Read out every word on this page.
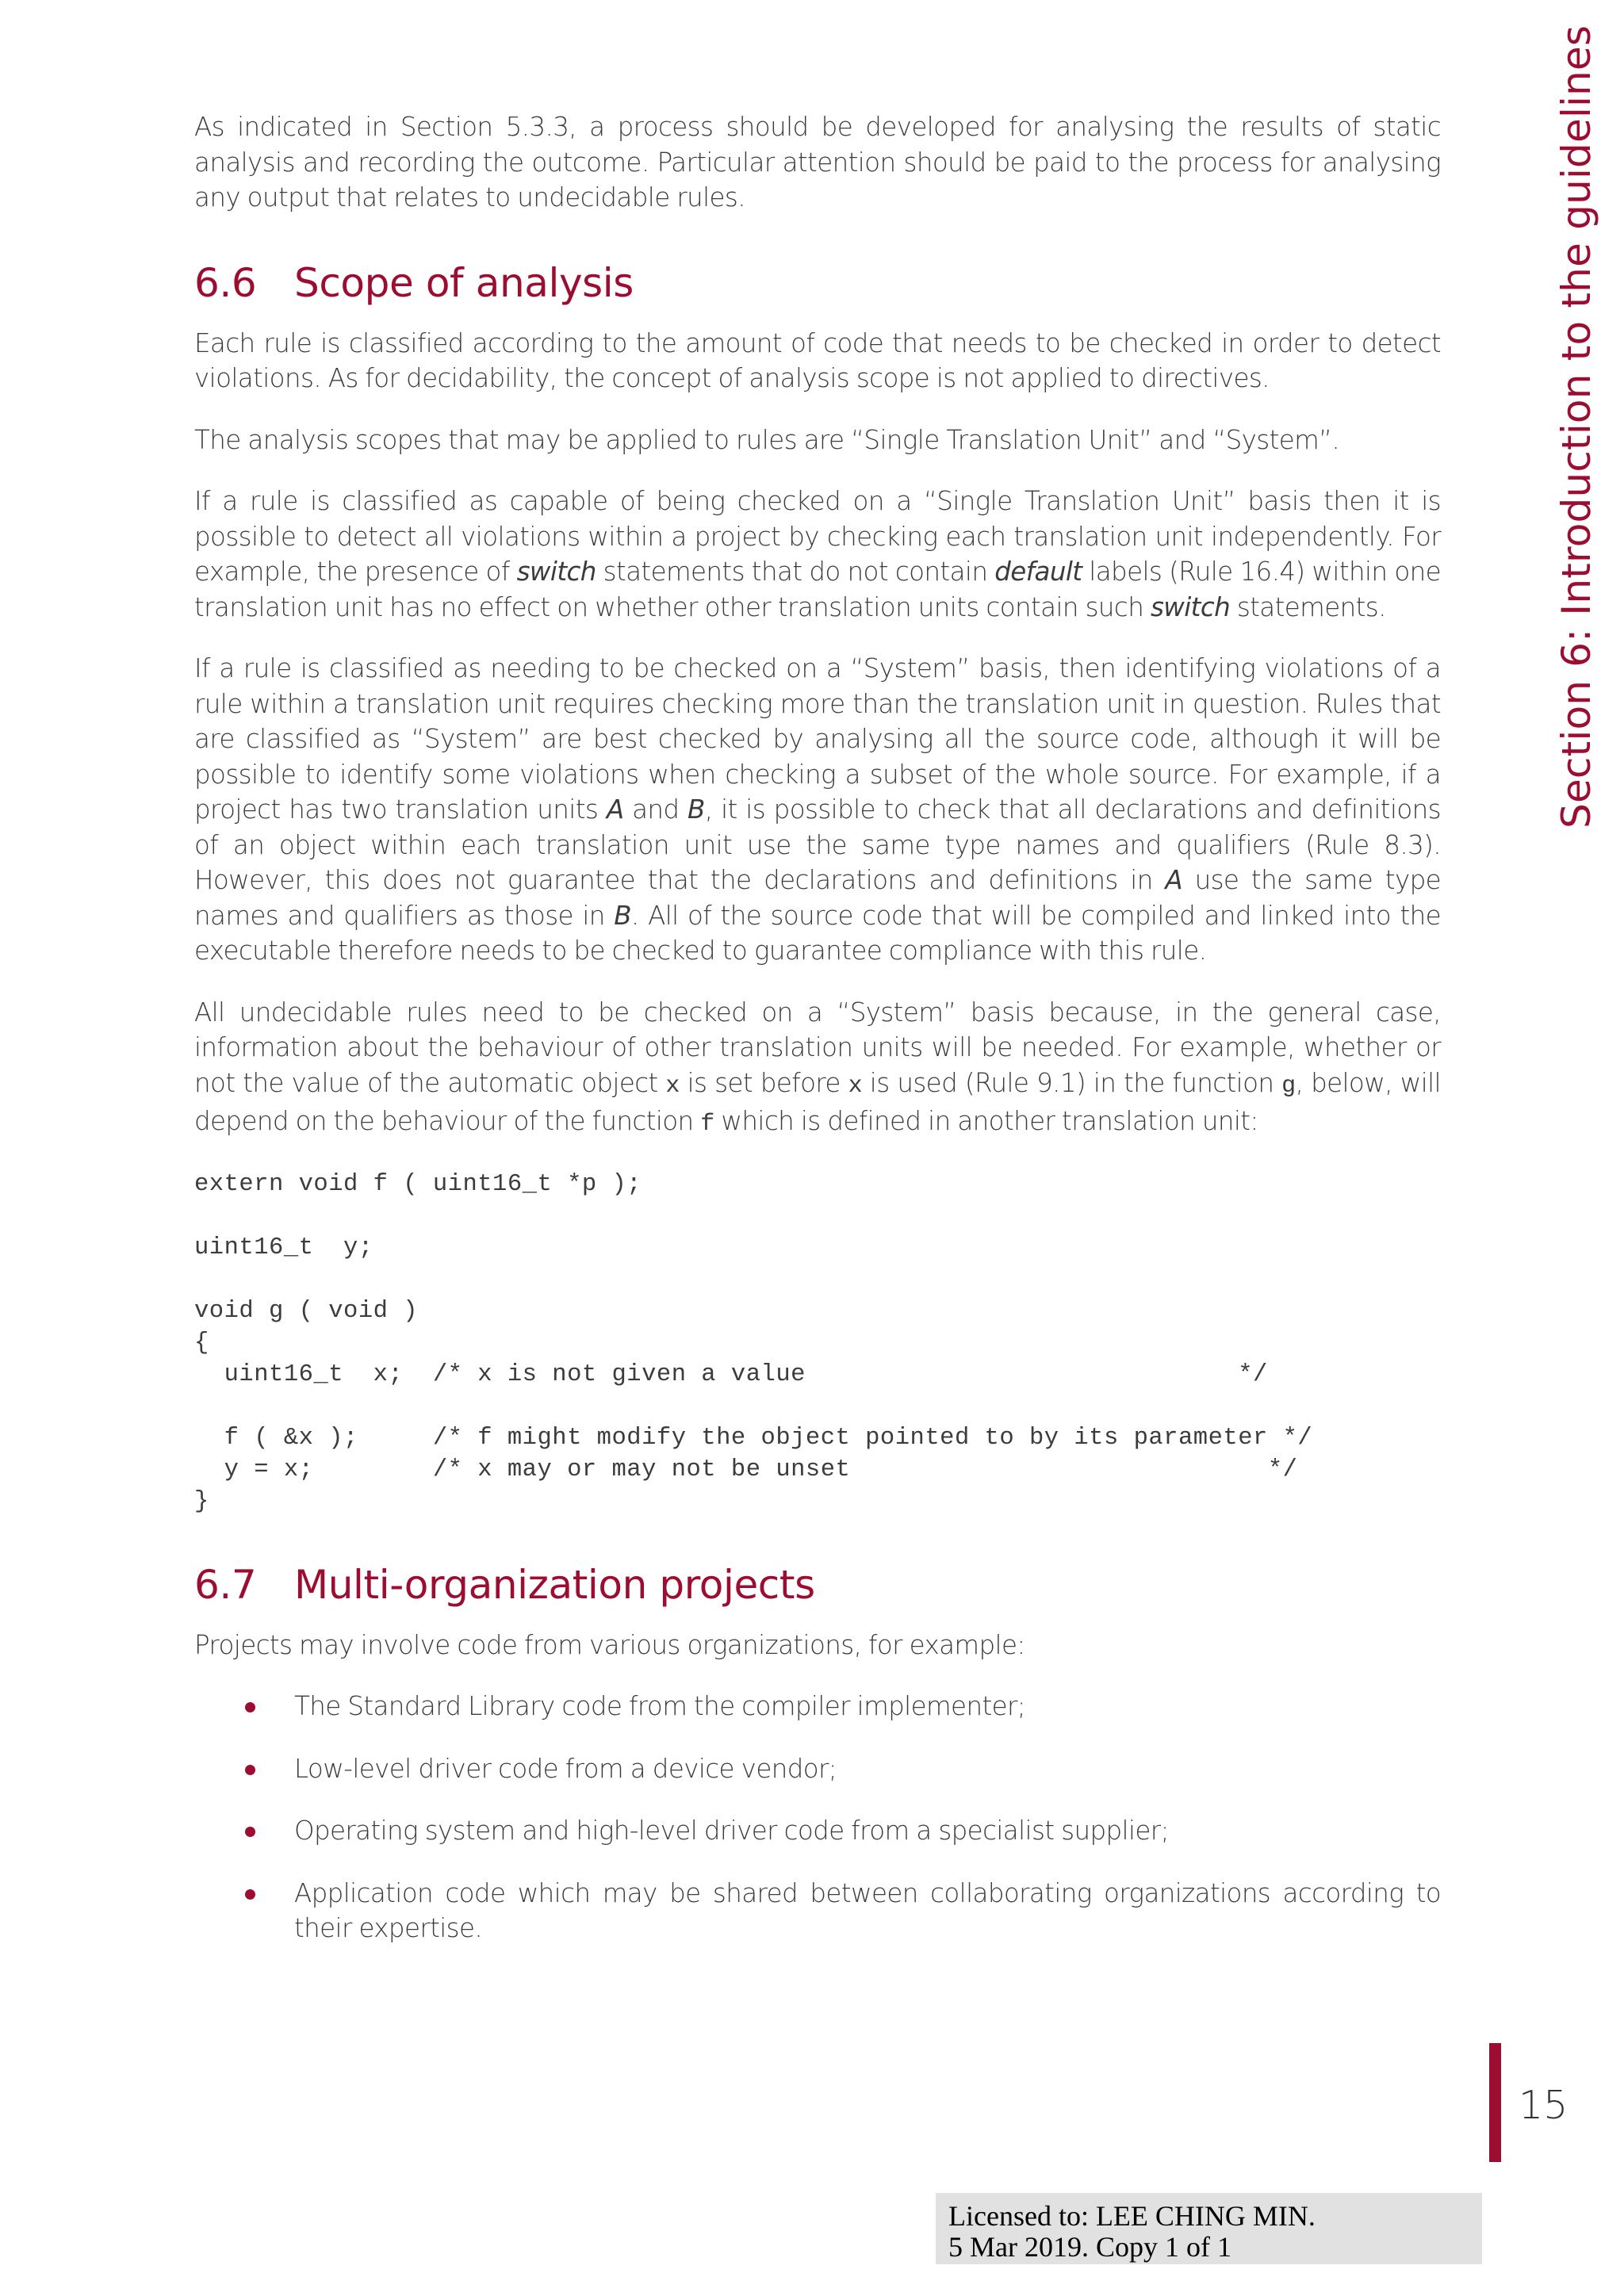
Section 6: Introduction to the guidelines

As indicated in Section 5.3.3, a process should be developed for analysing the results of static analysis and recording the outcome. Particular attention should be paid to the process for analysing any output that relates to undecidable rules.

6.6 Scope of analysis

Each rule is classified according to the amount of code that needs to be checked in order to detect violations. As for decidability, the concept of analysis scope is not applied to directives.

The analysis scopes that may be applied to rules are “Single Translation Unit” and “System”.

If a rule is classified as capable of being checked on a “Single Translation Unit” basis then it is possible to detect all violations within a project by checking each translation unit independently. For example, the presence of switch statements that do not contain default labels (Rule 16.4) within one translation unit has no effect on whether other translation units contain such switch statements.

If a rule is classified as needing to be checked on a “System” basis, then identifying violations of a rule within a translation unit requires checking more than the translation unit in question. Rules that are classified as “System” are best checked by analysing all the source code, although it will be possible to identify some violations when checking a subset of the whole source. For example, if a project has two translation units A and B, it is possible to check that all declarations and definitions of an object within each translation unit use the same type names and qualifiers (Rule 8.3). However, this does not guarantee that the declarations and definitions in A use the same type names and qualifiers as those in B. All of the source code that will be compiled and linked into the executable therefore needs to be checked to guarantee compliance with this rule.

All undecidable rules need to be checked on a “System” basis because, in the general case, information about the behaviour of other translation units will be needed. For example, whether or not the value of the automatic object x is set before x is used (Rule 9.1) in the function g, below, will depend on the behaviour of the function f which is defined in another translation unit:

extern void f ( uint16_t *p );

uint16_t  y;

void g ( void )
{
uint16_t  x;  /* x is not given a value                             */

f ( &x );     /* f might modify the object pointed to by its parameter */
y = x;        /* x may or may not be unset                            */
}
6.7 Multi-organization projects

Projects may involve code from various organizations, for example:

The Standard Library code from the compiler implementer;
Low-level driver code from a device vendor;
Operating system and high-level driver code from a specialist supplier;
Application code which may be shared between collaborating organizations according to their expertise.
15
Licensed to: LEE CHING MIN.
5 Mar 2019. Copy 1 of 1
